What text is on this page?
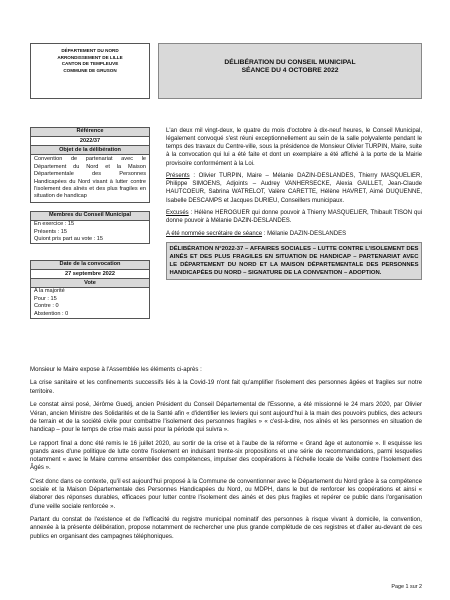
DÉPARTEMENT DU NORD
ARRONDISSEMENT DE LILLE
CANTON DE TEMPLEUVE
COMMUNE DE GRUSON
DÉLIBÉRATION DU CONSEIL MUNICIPAL
SÉANCE DU 4 OCTOBRE 2022
Référence
2022/37
Objet de la délibération
Convention de partenariat avec le Département du Nord et la Maison Départementale des Personnes Handicapées du Nord visant à lutter contre l'isolement des aînés et des plus fragiles en situation de handicap
Membres du Conseil Municipal
En exercice : 15
Présents : 15
Quiont pris part au vote : 15
Date de la convocation
27 septembre 2022
Vote
A la majorité
Pour : 15
Contre : 0
Abstention : 0

L'an deux mil vingt-deux, le quatre du mois d'octobre à dix-neuf heures, le Conseil Municipal, légalement convoqué s'est réuni exceptionnellement au sein de la salle polyvalente pendant le temps des travaux du Centre-ville, sous la présidence de Monsieur Olivier TURPIN, Maire, suite à la convocation qui lui a été faite et dont un exemplaire a été affiché à la porte de la Mairie provisoire conformément à la Loi.

Présents : Olivier TURPIN, Maire – Mélanie DAZIN-DESLANDES, Thierry MASQUELIER, Philippe SIMOENS, Adjoints – Audrey VANHERSECKE, Alexia GAILLET, Jean-Claude HAUTCOEUR, Sabrina WATRELOT, Valère CARETTE, Hélène HAVRET, Aimé DUQUENNE, Isabelle DESCAMPS et Jacques DURIEU, Conseillers municipaux.

Excusés : Hélène HEROGUER qui donne pouvoir à Thierry MASQUELIER, Thibault TISON qui donne pouvoir à Mélanie DAZIN-DESLANDES.

A été nommée secrétaire de séance : Mélanie DAZIN-DESLANDES

DÉLIBÉRATION N°2022-37 – AFFAIRES SOCIALES – LUTTE CONTRE L'ISOLEMENT DES AINÉS ET DES PLUS FRAGILES EN SITUATION DE HANDICAP – PARTENARIAT AVEC LE DÉPARTEMENT DU NORD ET LA MAISON DÉPARTEMENTALE DES PERSONNES HANDICAPÉES DU NORD – SIGNATURE DE LA CONVENTION – ADOPTION.

Monsieur le Maire expose à l'Assemblée les éléments ci-après :

La crise sanitaire et les confinements successifs liés à la Covid-19 n'ont fait qu'amplifier l'isolement des personnes âgées et fragiles sur notre territoire.

Le constat ainsi posé, Jérôme Guedj, ancien Président du Conseil Départemental de l'Essonne, a été missionné le 24 mars 2020, par Olivier Véran, ancien Ministre des Solidarités et de la Santé afin « d'identifier les leviers qui sont aujourd'hui à la main des pouvoirs publics, des acteurs de terrain et de la société civile pour combattre l'isolement des personnes fragiles » « c'est-à-dire, nos aînés et les personnes en situation de handicap – pour le temps de crise mais aussi pour la période qui suivra ».

Le rapport final a donc été remis le 16 juillet 2020, au sortir de la crise et à l'aube de la réforme « Grand âge et autonomie ». Il esquisse les grands axes d'une politique de lutte contre l'isolement en induisant trente-six propositions et une série de recommandations, parmi lesquelles notamment « avec le Maire comme ensemblier des compétences, impulser des coopérations à l'échelle locale de Veille contre l'Isolement des Âgés ».

C'est donc dans ce contexte, qu'il est aujourd'hui proposé à la Commune de conventionner avec le Département du Nord grâce à sa compétence sociale et la Maison Départementale des Personnes Handicapées du Nord, ou MDPH, dans le but de renforcer les coopérations et ainsi « élaborer des réponses durables, efficaces pour lutter contre l'isolement des ainés et des plus fragiles et repérer ce public dans l'organisation d'une veille sociale renforcée ».

Partant du constat de l'existence et de l'efficacité du registre municipal nominatif des personnes à risque vivant à domicile, la convention, annexée à la présente délibération, propose notamment de rechercher une plus grande complétude de ces registres et d'aller au-devant de ces publics en organisant des campagnes téléphoniques.

Page 1 sur 2
